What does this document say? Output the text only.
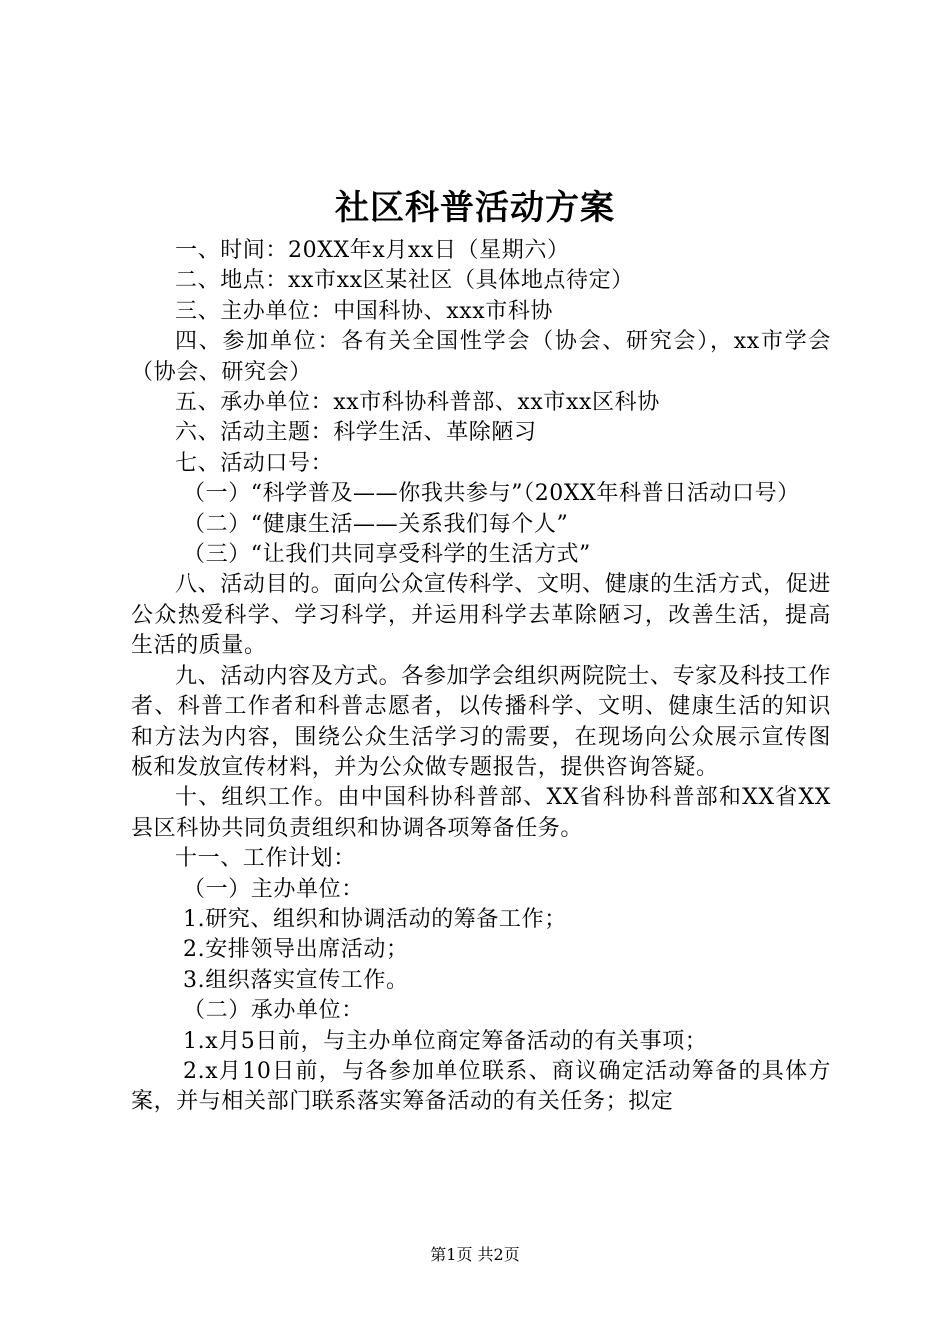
社区科普活动方案

一、时间：20XX年x月xx日（星期六）

二、地点：xx市xx区某社区（具体地点待定）

三、主办单位：中国科协、xxx市科协

四、参加单位：各有关全国性学会（协会、研究会），xx市学会（协会、研究会）

五、承办单位：xx市科协科普部、xx市xx区科协

六、活动主题：科学生活、革除陋习

七、活动口号：

（一）“科学普及——你我共参与”（20XX年科普日活动口号）

（二）“健康生活——关系我们每个人”

（三）“让我们共同享受科学的生活方式”

八、活动目的。面向公众宣传科学、文明、健康的生活方式，促进公众热爱科学、学习科学，并运用科学去革除陋习，改善生活，提高生活的质量。

九、活动内容及方式。各参加学会组织两院院士、专家及科技工作者、科普工作者和科普志愿者，以传播科学、文明、健康生活的知识和方法为内容，围绕公众生活学习的需要，在现场向公众展示宣传图板和发放宣传材料，并为公众做专题报告，提供咨询答疑。

十、组织工作。由中国科协科普部、XX省科协科普部和XX省XX县区科协共同负责组织和协调各项筹备任务。

十一、工作计划：

（一）主办单位：

1.研究、组织和协调活动的筹备工作；

2.安排领导出席活动；

3.组织落实宣传工作。

（二）承办单位：

1.x月5日前，与主办单位商定筹备活动的有关事项；

2.x月10日前，与各参加单位联系、商议确定活动筹备的具体方案，并与相关部门联系落实筹备活动的有关任务；拟定

第1页 共2页
